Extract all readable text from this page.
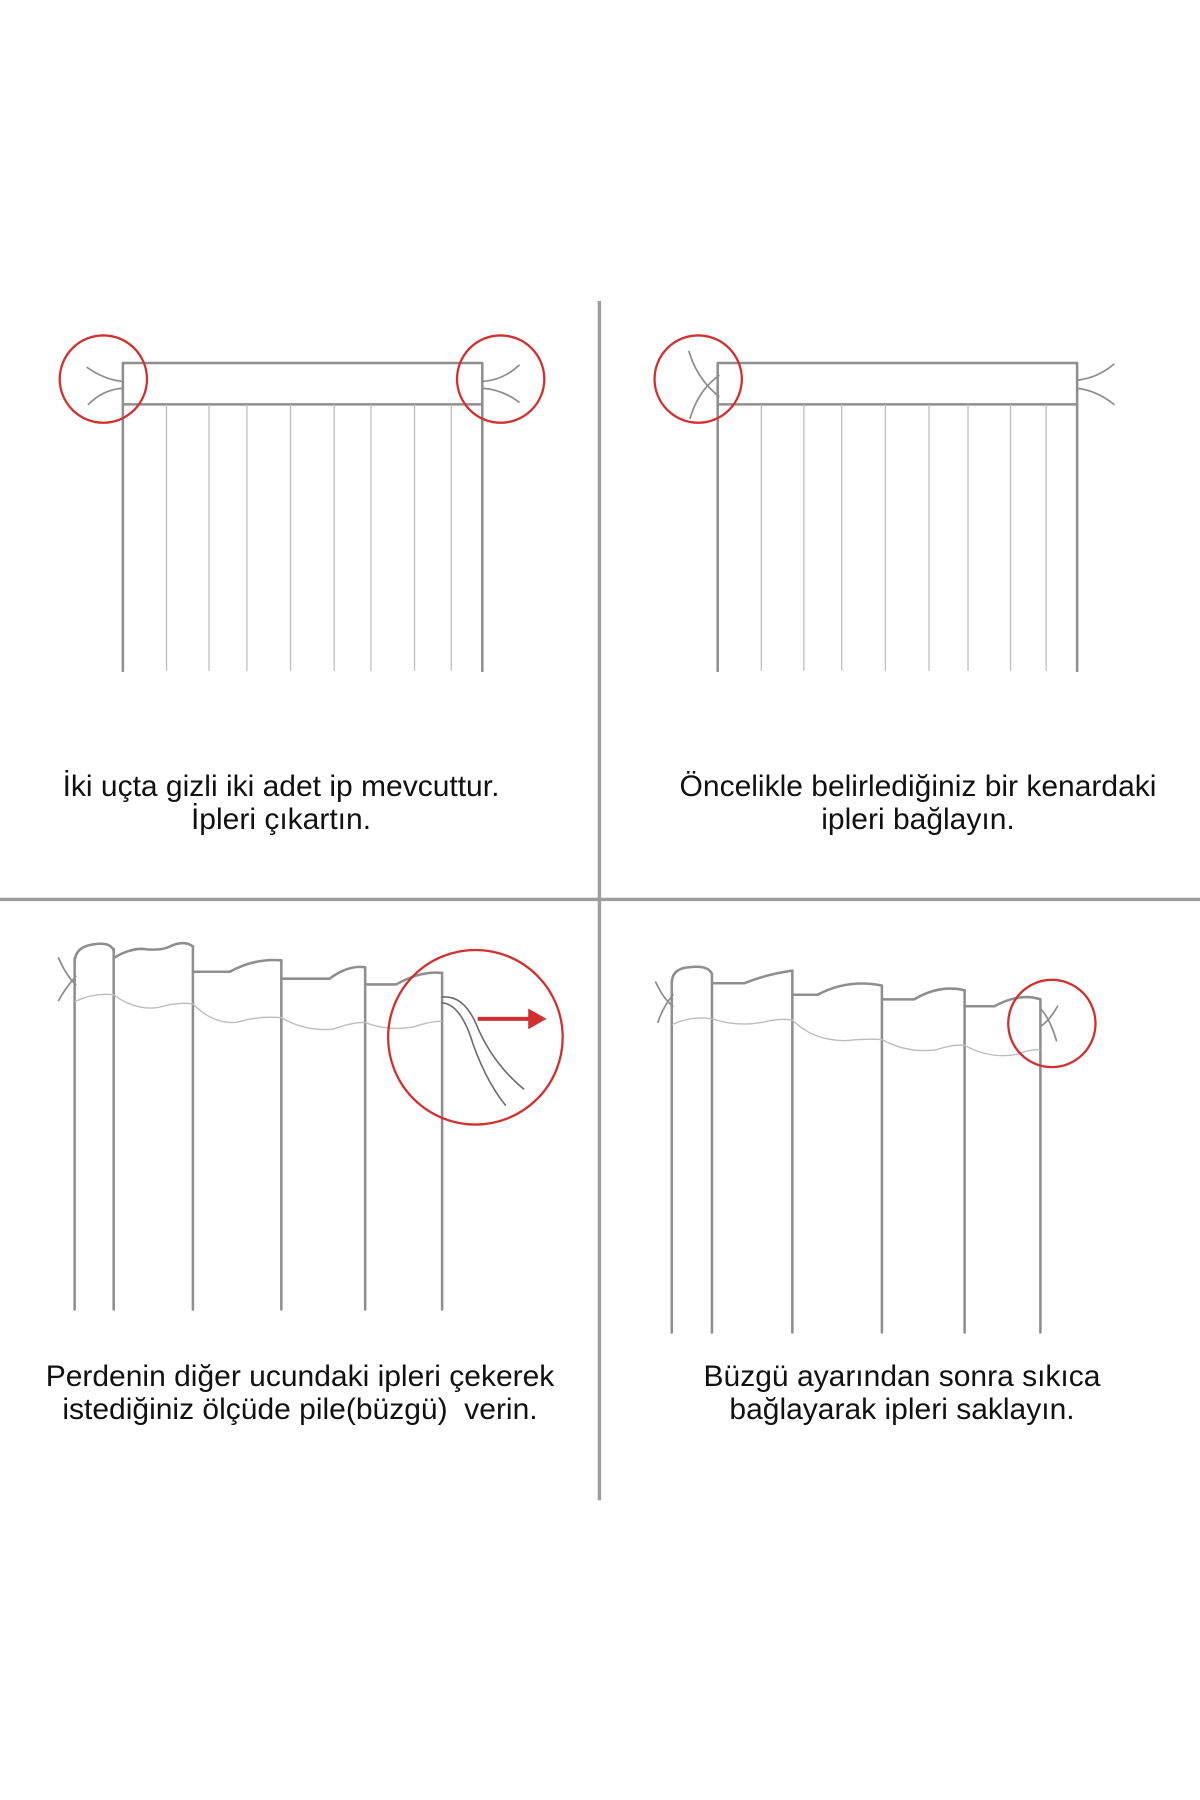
İki uçta gizli iki adet ip mevcuttur.
İpleri çıkartın.
Öncelikle belirlediğiniz bir kenardaki
ipleri bağlayın.
Perdenin diğer ucundaki ipleri çekerek
istediğiniz ölçüde pile(büzgü)  verin.
Büzgü ayarından sonra sıkıca
bağlayarak ipleri saklayın.
